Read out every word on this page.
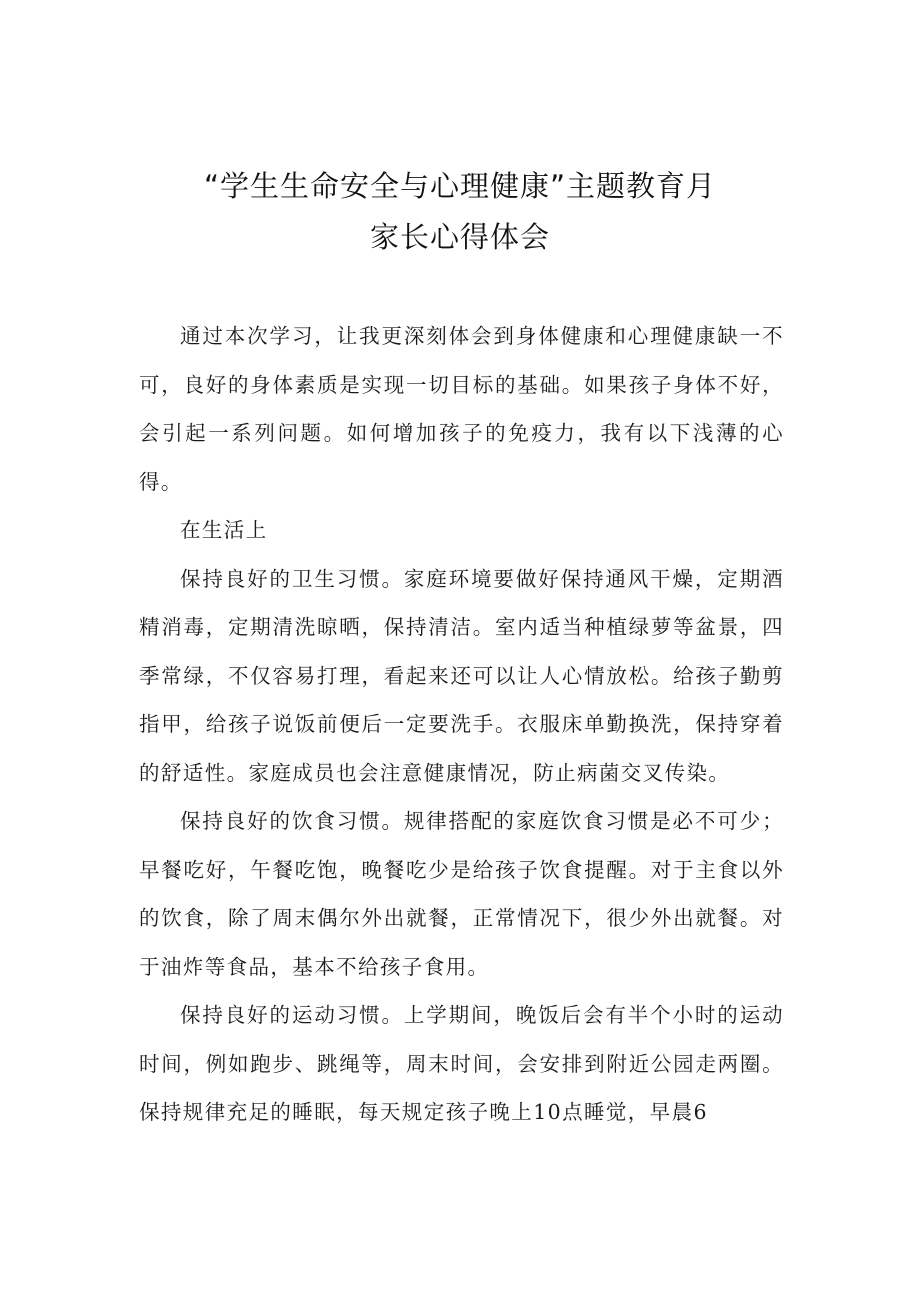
“学生生命安全与心理健康”主题教育月
家长心得体会

通过本次学习，让我更深刻体会到身体健康和心理健康缺一不可，良好的身体素质是实现一切目标的基础。如果孩子身体不好，会引起一系列问题。如何增加孩子的免疫力，我有以下浅薄的心得。

在生活上

保持良好的卫生习惯。家庭环境要做好保持通风干燥，定期酒精消毒，定期清洗晾晒，保持清洁。室内适当种植绿萝等盆景，四季常绿，不仅容易打理，看起来还可以让人心情放松。给孩子勤剪指甲，给孩子说饭前便后一定要洗手。衣服床单勤换洗，保持穿着的舒适性。家庭成员也会注意健康情况，防止病菌交叉传染。

保持良好的饮食习惯。规律搭配的家庭饮食习惯是必不可少；早餐吃好，午餐吃饱，晚餐吃少是给孩子饮食提醒。对于主食以外的饮食，除了周末偶尔外出就餐，正常情况下，很少外出就餐。对于油炸等食品，基本不给孩子食用。

保持良好的运动习惯。上学期间，晚饭后会有半个小时的运动时间，例如跑步、跳绳等，周末时间，会安排到附近公园走两圈。保持规律充足的睡眠，每天规定孩子晚上10点睡觉，早晨6
